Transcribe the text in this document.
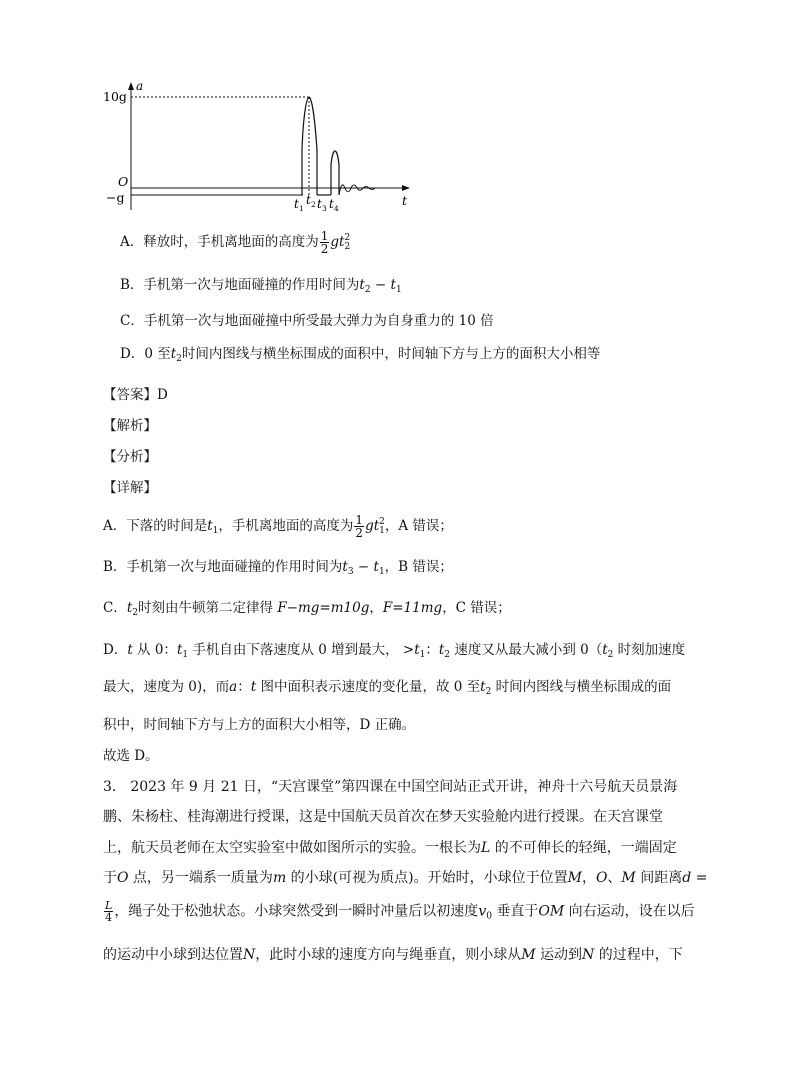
a
10g
O
−g	t
t 1
t 2 t 3 t 4
A．释放时，手机离地面的高度为 $\frac{1}{2}$ gt 2
2
B．手机第一次与地面碰撞的作用时间为$t_2 - t_1$
C．手机第一次与地面碰撞中所受最大弹力为自身重力的 10 倍
D．0 至$t_2$时间内图线与横坐标围成的面积中，时间轴下方与上方的面积大小相等
【答案】D
【解析】
【分析】
【详解】
A．下落的时间是$t_1$，手机离地面的高度为 $\frac{1}{2}$ gt 2
1 ，A 错误；
B．手机第一次与地面碰撞的作用时间为$t_3 - t_1$，B 错误；
C．$t_2$时刻由牛顿第二定律得 F−mg=m10g，F=11mg，C 错误；
D．t 从 0：$t_1$ 手机自由下落速度从 0 增到最大， $>t_1$：$t_2$ 速度又从最大减小到 $0(t_2$ 时刻加速度
最大，速度为 0)，而a：t 图中面积表示速度的变化量，故 0 至$t_2$ 时间内图线与横坐标围成的面
积中，时间轴下方与上方的面积大小相等，D 正确。
故选 D。
3.　2023 年 9 月 21 日，“天宫课堂”第四课在中国空间站正式开讲，神舟十六号航天员景海
鹏、朱杨柱、桂海潮进行授课，这是中国航天员首次在梦天实验舱内进行授课。在天宫课堂
上，航天员老师在太空实验室中做如图所示的实验。一根长为L 的不可伸长的轻绳，一端固定
于O 点，另一端系一质量为m 的小球(可视为质点)。开始时，小球位于位置M，O、M 间距离d =
$\frac{L}{4}$ ，绳子处于松弛状态。小球突然受到一瞬时冲量后以初速度$v_0$ 垂直于OM 向右运动，设在以后
的运动中小球到达位置N，此时小球的速度方向与绳垂直，则小球从M 运动到N 的过程中，下
